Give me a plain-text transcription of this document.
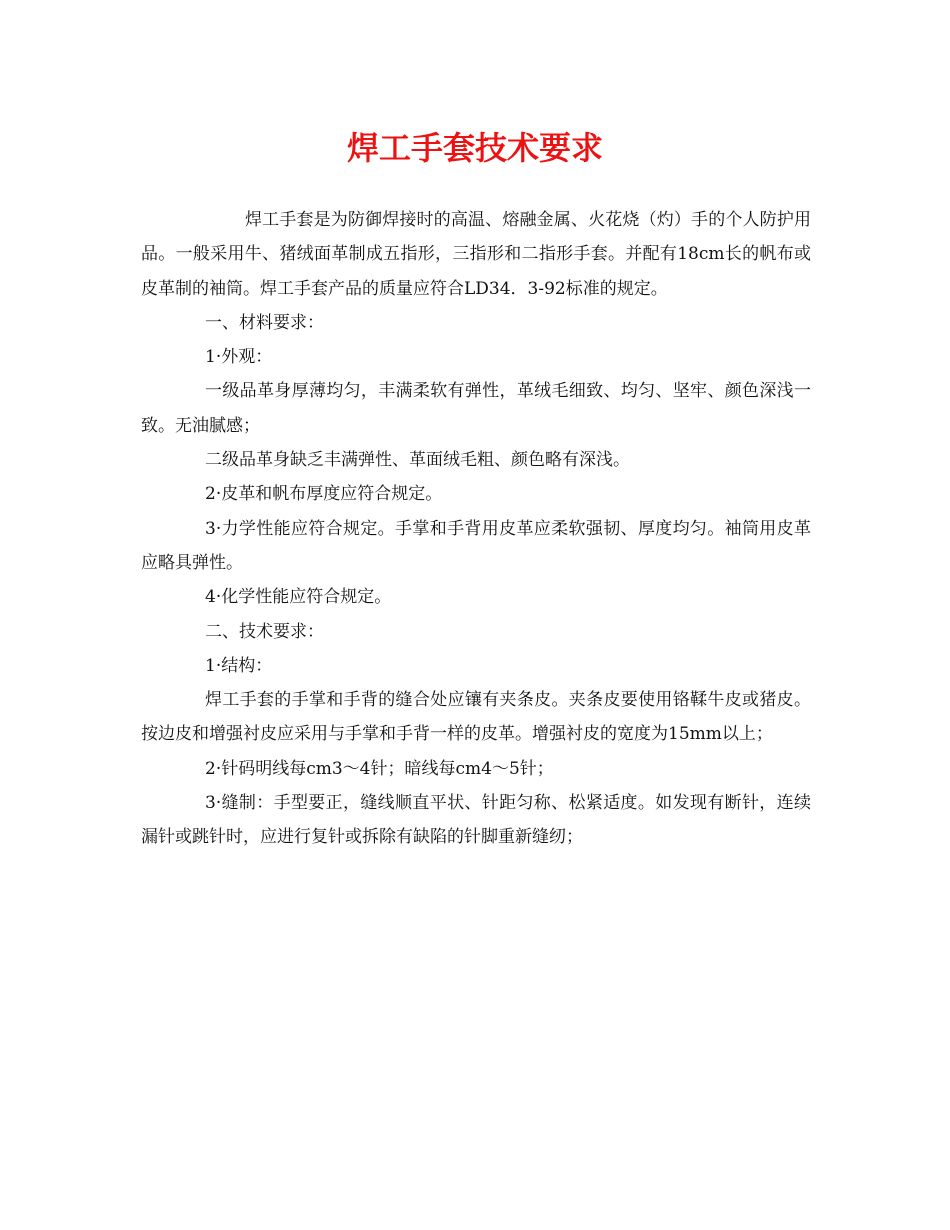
焊工手套技术要求

焊工手套是为防御焊接时的高温、熔融金属、火花烧（灼）手的个人防护用品。一般采用牛、猪绒面革制成五指形，三指形和二指形手套。并配有18cm长的帆布或皮革制的袖筒。焊工手套产品的质量应符合LD34．3-92标准的规定。

一、材料要求：

1·外观：

一级品革身厚薄均匀，丰满柔软有弹性，革绒毛细致、均匀、坚牢、颜色深浅一致。无油腻感；

二级品革身缺乏丰满弹性、革面绒毛粗、颜色略有深浅。

2·皮革和帆布厚度应符合规定。

3·力学性能应符合规定。手掌和手背用皮革应柔软强韧、厚度均匀。袖筒用皮革应略具弹性。

4·化学性能应符合规定。

二、技术要求：

1·结构：

焊工手套的手掌和手背的缝合处应镶有夹条皮。夹条皮要使用铬鞣牛皮或猪皮。按边皮和增强衬皮应采用与手掌和手背一样的皮革。增强衬皮的宽度为15mm以上；

2·针码明线每cm3～4针；暗线每cm4～5针；

3·缝制：手型要正，缝线顺直平状、针距匀称、松紧适度。如发现有断针，连续漏针或跳针时，应进行复针或拆除有缺陷的针脚重新缝纫；
